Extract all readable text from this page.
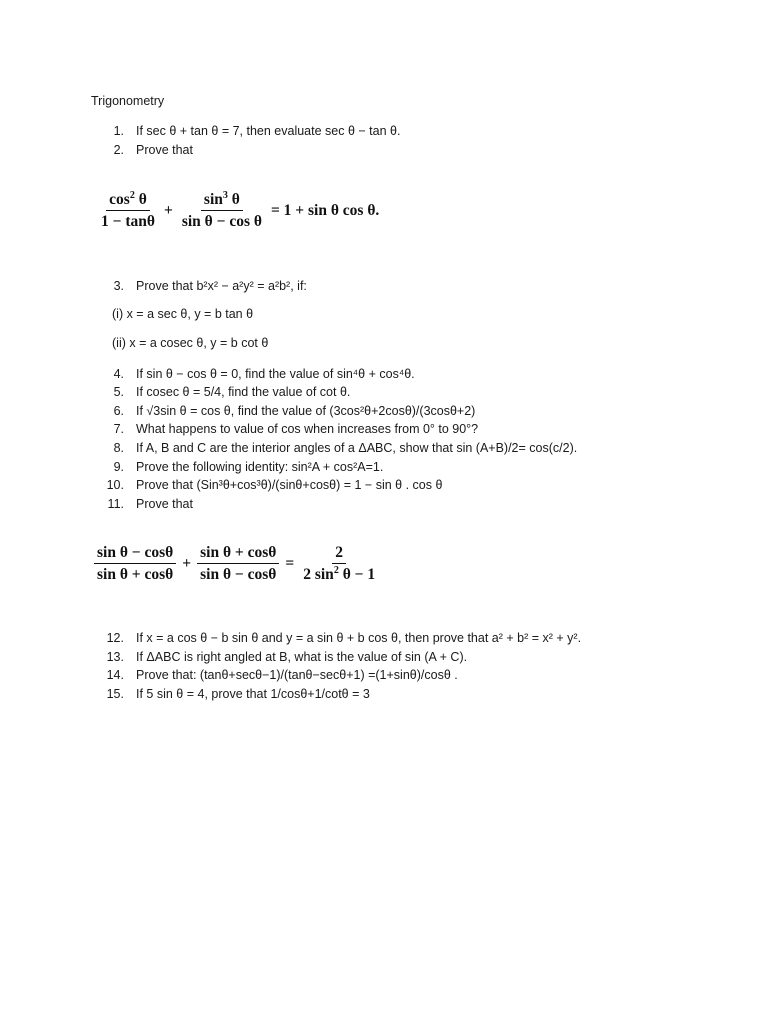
Trigonometry
1. If sec θ + tan θ = 7, then evaluate sec θ − tan θ.
2. Prove that
$\frac{\cos^2 \theta}{1 - \tan\theta} + \frac{\sin^3 \theta}{\text{sin θ − cos θ}} = 1 + \sin \theta$ cos θ.
3. Prove that b²x² − a²y² = a²b², if:
(i) x = a sec θ, y = b tan θ
(ii) x = a cosec θ, y = b cot θ
4. If sin θ − cos θ = 0, find the value of sin⁴θ + cos⁴θ.
5. If cosec θ = 5/4, find the value of cot θ.
6. If √3sin θ = cos θ, find the value of (3cos²θ+2cosθ)/(3cosθ+2)
7. What happens to value of cos when increases from 0° to 90°?
8. If A, B and C are the interior angles of a ΔABC, show that sin (A+B)/2= cos(c/2).
9. Prove the following identity: sin²A + cos²A=1.
10. Prove that (Sin³θ+cos³θ)/(sinθ+cosθ) = 1 − sin θ . cos θ
11. Prove that
$\frac{\text{sin θ − cosθ}}{\text{sin θ + cosθ}} + \frac{\text{sin θ + cosθ}}{\text{sin θ − cosθ}} = \frac{2}{2 \sin^2 \theta - 1}$
12. If x = a cos θ − b sin θ and y = a sin θ + b cos θ, then prove that a² + b² = x² + y².
13. If ΔABC is right angled at B, what is the value of sin (A + C).
14. Prove that: (tanθ+secθ−1)/(tanθ−secθ+1) =(1+sinθ)/cosθ .
15. If 5 sin θ = 4, prove that 1/cosθ+1/cotθ = 3
